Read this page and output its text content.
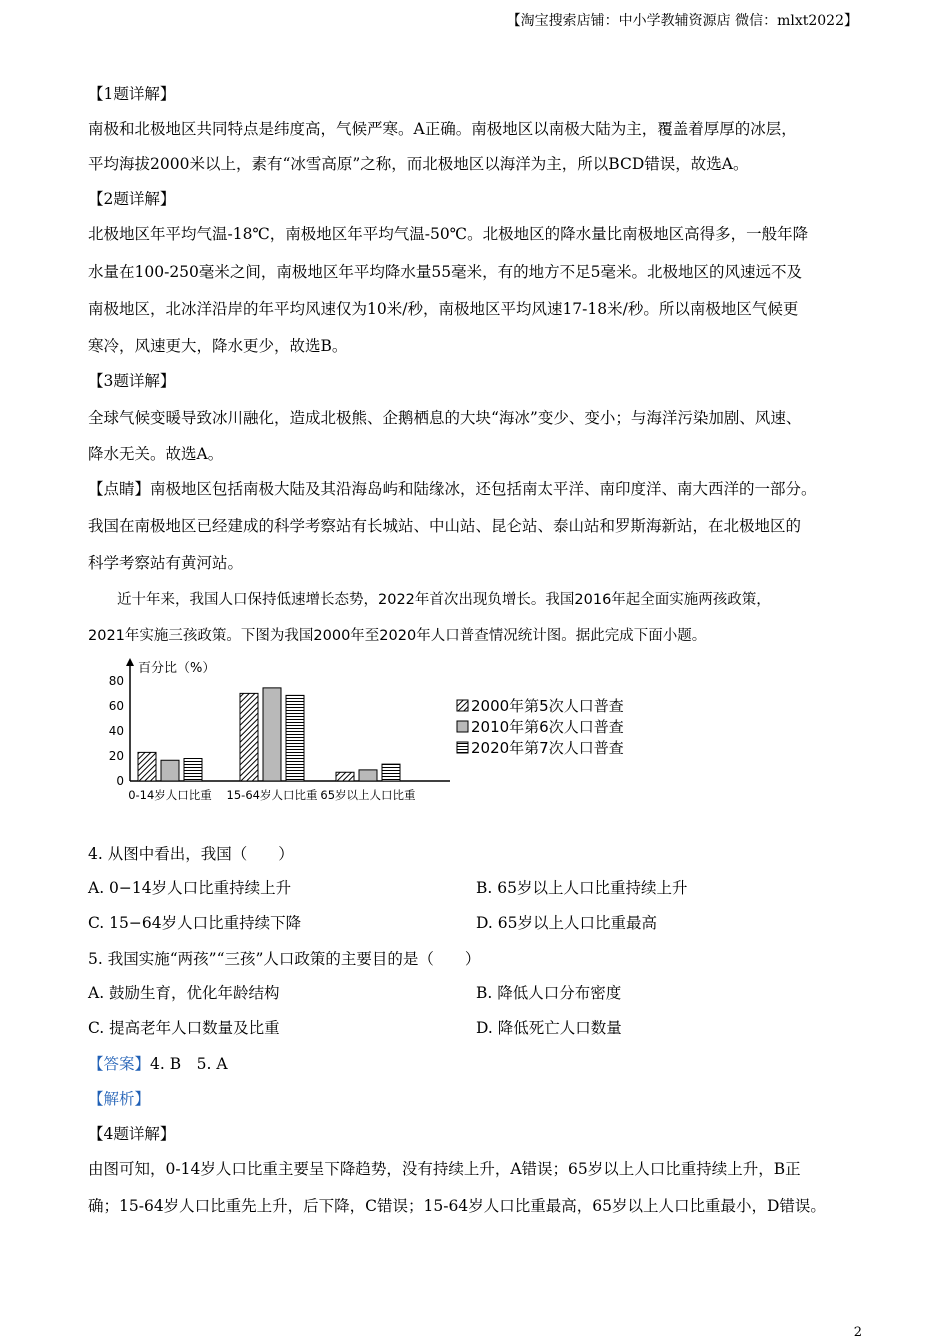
【淘宝搜索店铺：中小学教辅资源店 微信：mlxt2022】

【1题详解】

南极和北极地区共同特点是纬度高，气候严寒。A正确。南极地区以南极大陆为主，覆盖着厚厚的冰层，

平均海拔2000米以上，素有“冰雪高原”之称，而北极地区以海洋为主，所以BCD错误，故选A。

【2题详解】

北极地区年平均气温-18℃，南极地区年平均气温-50℃。北极地区的降水量比南极地区高得多，一般年降

水量在100-250毫米之间，南极地区年平均降水量55毫米，有的地方不足5毫米。北极地区的风速远不及

南极地区，北冰洋沿岸的年平均风速仅为10米/秒，南极地区平均风速17-18米/秒。所以南极地区气候更

寒冷，风速更大，降水更少，故选B。

【3题详解】

全球气候变暖导致冰川融化，造成北极熊、企鹅栖息的大块“海冰”变少、变小；与海洋污染加剧、风速、

降水无关。故选A。

【点睛】南极地区包括南极大陆及其沿海岛屿和陆缘冰，还包括南太平洋、南印度洋、南大西洋的一部分。

我国在南极地区已经建成的科学考察站有长城站、中山站、昆仑站、泰山站和罗斯海新站，在北极地区的

科学考察站有黄河站。

近十年来，我国人口保持低速增长态势，2022年首次出现负增长。我国2016年起全面实施两孩政策，

2021年实施三孩政策。下图为我国2000年至2020年人口普查情况统计图。据此完成下面小题。

4. 从图中看出，我国（　　）

A. 0−14岁人口比重持续上升	B. 65岁以上人口比重持续上升
C. 15−64岁人口比重持续下降	D. 65岁以上人口比重最高

5. 我国实施“两孩”“三孩”人口政策的主要目的是（　　）

A. 鼓励生育，优化年龄结构	B. 降低人口分布密度
C. 提高老年人口数量及比重	D. 降低死亡人口数量

【答案】4. B　5. A

【解析】

【4题详解】

由图可知，0-14岁人口比重主要呈下降趋势，没有持续上升，A错误；65岁以上人口比重持续上升，B正

确；15-64岁人口比重先上升，后下降，C错误；15-64岁人口比重最高，65岁以上人口比重最小，D错误。

百分比（%）
0
20
40
60
80
0-14岁人口比重 15-64岁人口比重 65岁以上人口比重
2000年第5次人口普查
2010年第6次人口普查
2020年第7次人口普查
2
